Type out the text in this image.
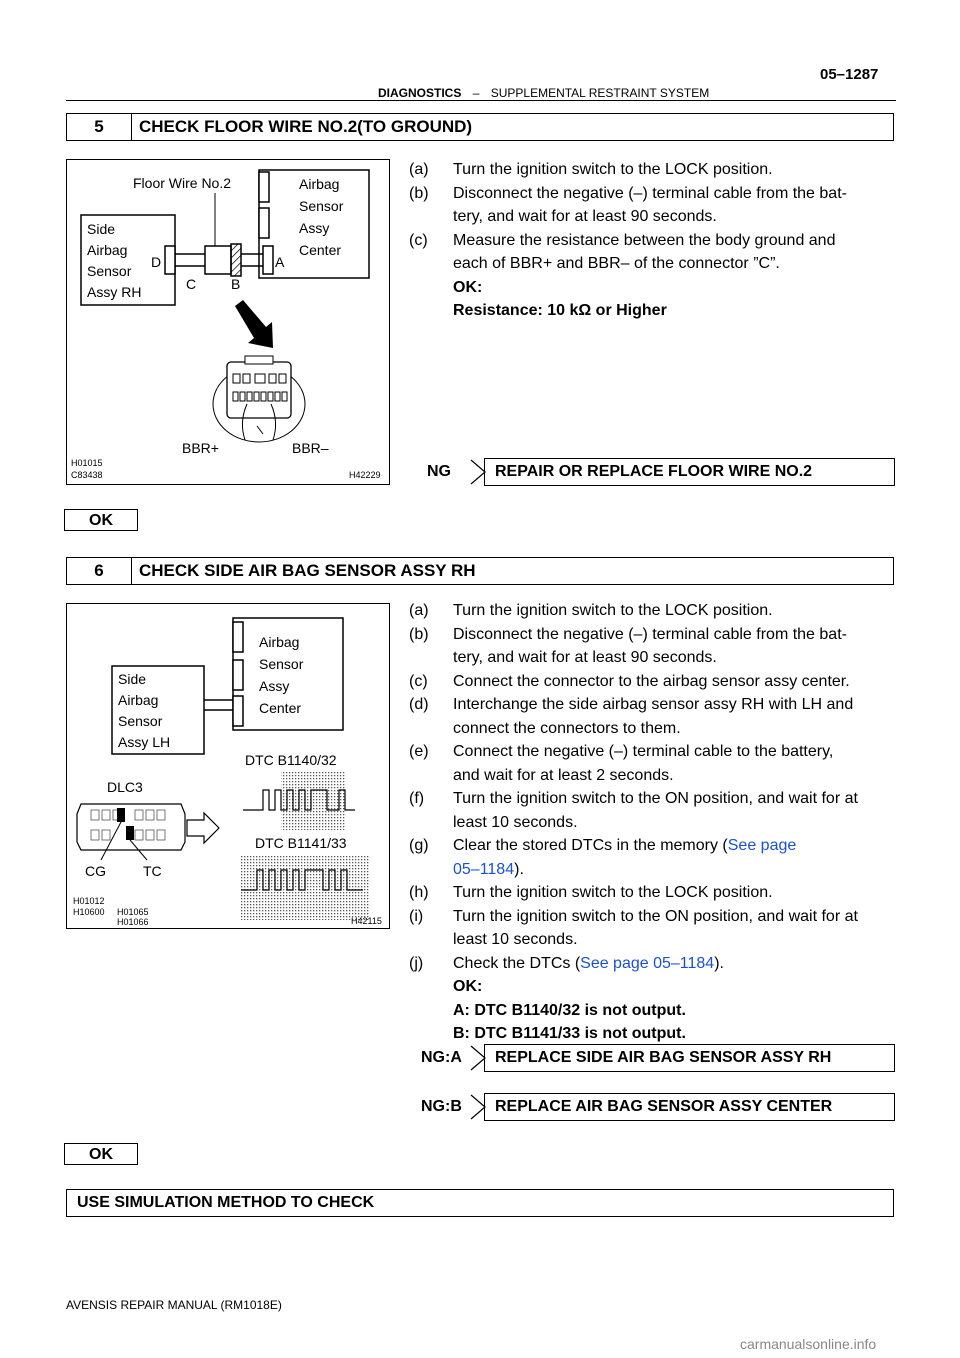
05–1287
DIAGNOSTICS – SUPPLEMENTAL RESTRAINT SYSTEM
5	CHECK FLOOR WIRE NO.2(TO GROUND)
Floor Wire No.2
Side
Airbag
Sensor
Assy RH
D
C B
A
Airbag
Sensor
Assy
Center
BBR+	BBR–
H01015
C83438	H42229
(a) Turn the ignition switch to the LOCK position.
(b) Disconnect the negative (–) terminal cable from the bat-
tery, and wait for at least 90 seconds.
(c) Measure the resistance between the body ground and
each of BBR+ and BBR– of the connector ”C”.
OK:
Resistance: 10 kΩ or Higher
NG	REPAIR OR REPLACE FLOOR WIRE NO.2
OK
6	CHECK SIDE AIR BAG SENSOR ASSY RH
Airbag
Sensor
Assy
Center
Side
Airbag
Sensor
Assy LH
DLC3
CG	TC
DTC B1140/32
DTC B1141/33
H01012
H10600 H01065
H01066	H42115
(a) Turn the ignition switch to the LOCK position.
(b) Disconnect the negative (–) terminal cable from the bat-
tery, and wait for at least 90 seconds.
(c) Connect the connector to the airbag sensor assy center.
(d) Interchange the side airbag sensor assy RH with LH and
connect the connectors to them.
(e) Connect the negative (–) terminal cable to the battery,
and wait for at least 2 seconds.
(f) Turn the ignition switch to the ON position, and wait for at
least 10 seconds.
(g) Clear the stored DTCs in the memory (See page
05–1184).
(h) Turn the ignition switch to the LOCK position.
(i) Turn the ignition switch to the ON position, and wait for at
least 10 seconds.
(j) Check the DTCs (See page 05–1184).
OK:
A: DTC B1140/32 is not output.
B: DTC B1141/33 is not output.
NG:A	REPLACE SIDE AIR BAG SENSOR ASSY RH
NG:B	REPLACE AIR BAG SENSOR ASSY CENTER
OK
USE SIMULATION METHOD TO CHECK
AVENSIS REPAIR MANUAL (RM1018E)
carmanualsonline.info
